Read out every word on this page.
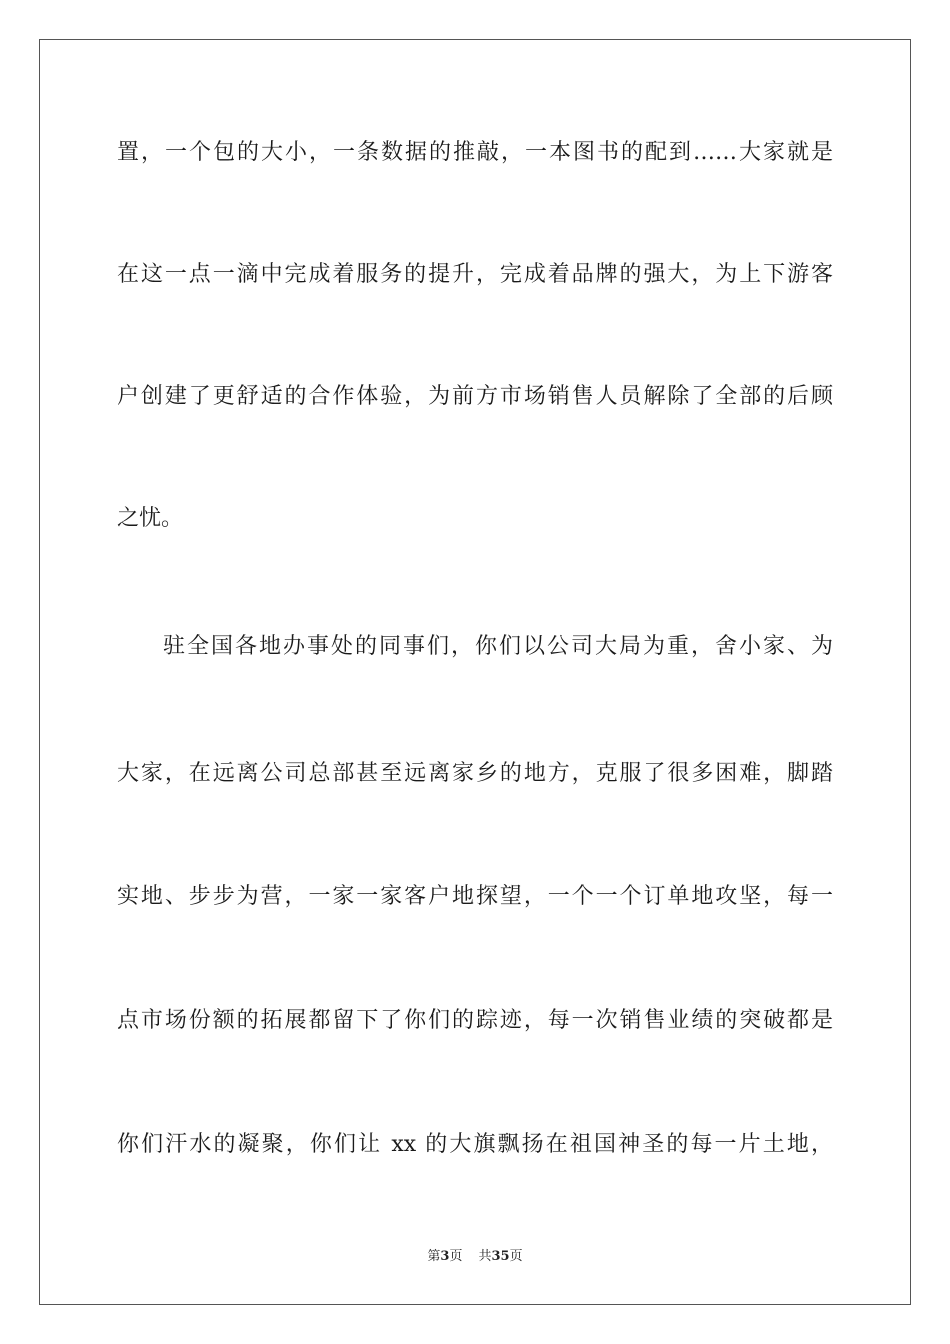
置，一个包的大小，一条数据的推敲，一本图书的配到……大家就是
在这一点一滴中完成着服务的提升，完成着品牌的强大，为上下游客
户创建了更舒适的合作体验，为前方市场销售人员解除了全部的后顾
之忧。
驻全国各地办事处的同事们，你们以公司大局为重，舍小家、为
大家，在远离公司总部甚至远离家乡的地方，克服了很多困难，脚踏
实地、步步为营，一家一家客户地探望，一个一个订单地攻坚，每一
点市场份额的拓展都留下了你们的踪迹，每一次销售业绩的突破都是
你们汗水的凝聚，你们让 xx 的大旗飘扬在祖国神圣的每一片土地，
第3页 共35页
